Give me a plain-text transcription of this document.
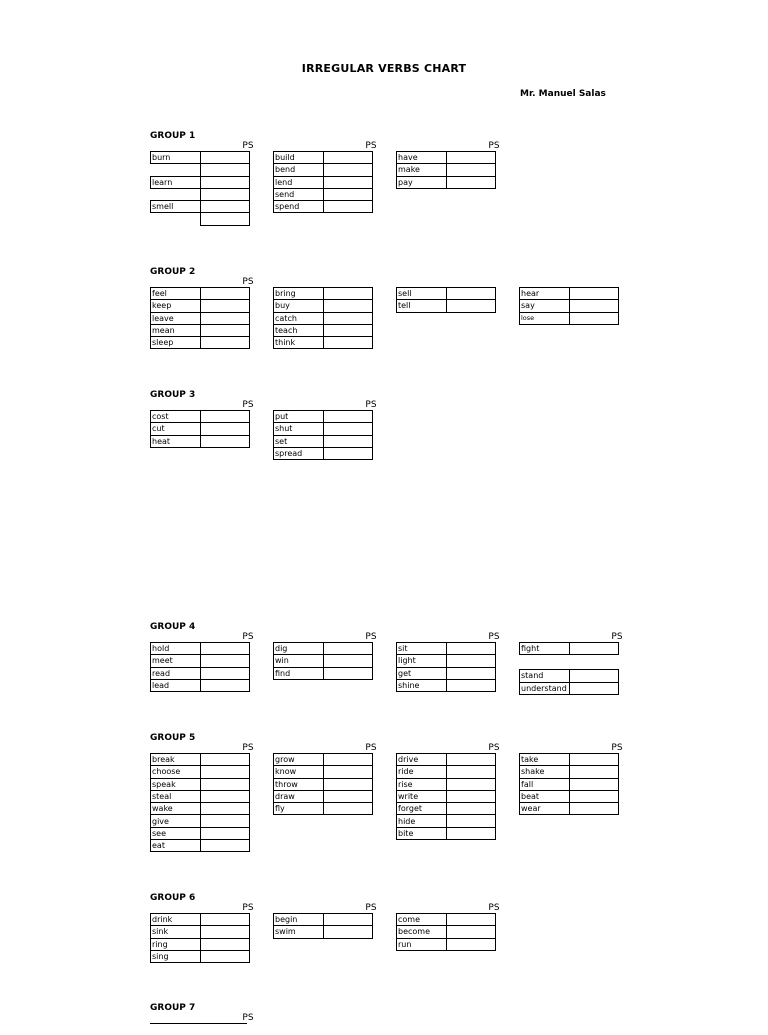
IRREGULAR VERBS CHART
Mr. Manuel Salas
GROUP 1
PS	PS	PS
burn	

learn	

smell	

build	
bend	
lend	
send	
spend	
have	
make	
pay	
GROUP 2
PS
feel	
keep	
leave	
mean	
sleep	
bring	
buy	
catch	
teach	
think	
sell	
tell	
hear	
say	
lose	
GROUP 3
PS	PS
cost	
cut	
heat	
put	
shut	
set	
spread	
GROUP 4
PS	PS	PS	PS
hold	
meet	
read	
lead	
dig	
win	
find	
sit	
light	
get	
shine	
fight	

stand	
understand	
GROUP 5
PS	PS	PS	PS
break	
choose	
speak	
steal	
wake	
give	
see	
eat	
grow	
know	
throw	
draw	
fly	
drive	
ride	
rise	
write	
forget	
hide	
bite	
take	
shake	
fall	
beat	
wear	
GROUP 6
PS	PS	PS
drink	
sink	
ring	
sing	
begin	
swim	
come	
become	
run	
GROUP 7
PS
